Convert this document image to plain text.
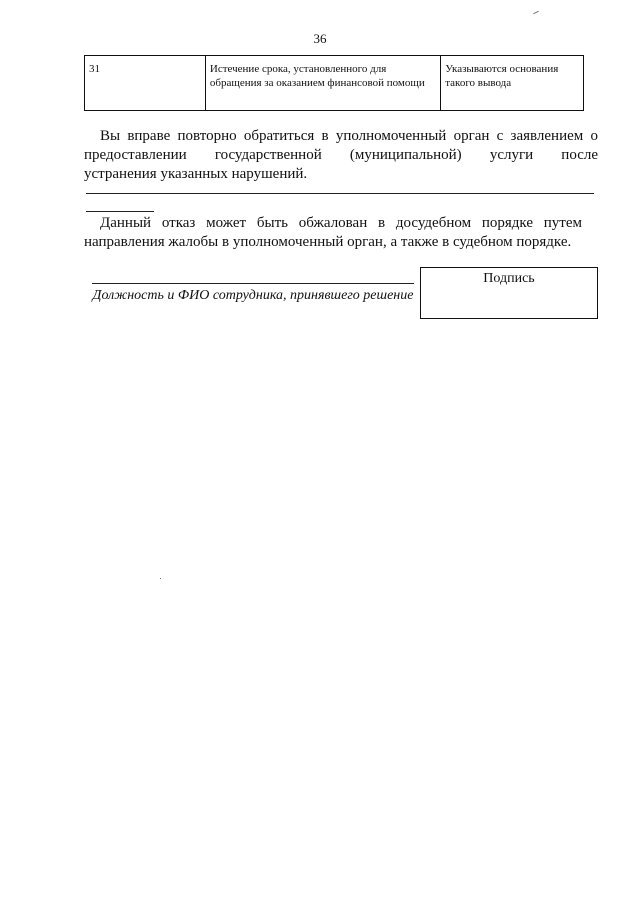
36
31	Истечение срока, установленного для обращения за оказанием финансовой помощи	Указываются основания такого вывода
Вы вправе повторно обратиться в уполномоченный орган с заявлением о
предоставлении государственной (муниципальной) услуги после
устранения указанных нарушений.
Данный отказ может быть обжалован в досудебном порядке путем
направления жалобы в уполномоченный орган, а также в судебном порядке.
Должность и ФИО сотрудника, принявшего решение
Подпись
